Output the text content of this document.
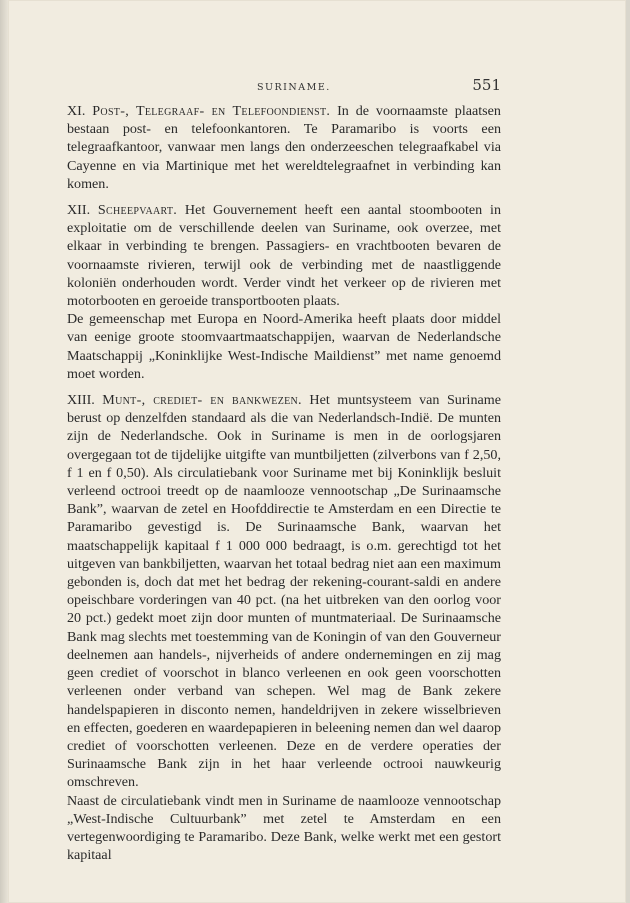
SURINAME.	551

XI. Post-, Telegraaf- en Telefoondienst. In de voornaamste plaatsen bestaan post- en telefoonkantoren. Te Paramaribo is voorts een telegraafkantoor, vanwaar men langs den onderzeeschen telegraafkabel via Cayenne en via Martinique met het wereldtelegraafnet in verbinding kan komen.

XII. Scheepvaart. Het Gouvernement heeft een aantal stoombooten in exploitatie om de verschillende deelen van Suriname, ook overzee, met elkaar in verbinding te brengen. Passagiers- en vrachtbooten bevaren de voornaamste rivieren, terwijl ook de verbinding met de naastliggende koloniën onderhouden wordt. Verder vindt het verkeer op de rivieren met motorbooten en geroeide transportbooten plaats.

De gemeenschap met Europa en Noord-Amerika heeft plaats door middel van eenige groote stoomvaartmaatschappijen, waarvan de Nederlandsche Maatschappij „Koninklijke West-Indische Maildienst” met name genoemd moet worden.

XIII. Munt-, crediet- en bankwezen. Het muntsysteem van Suriname berust op denzelfden standaard als die van Nederlandsch-Indië. De munten zijn de Nederlandsche. Ook in Suriname is men in de oorlogsjaren overgegaan tot de tijdelijke uitgifte van muntbiljetten (zilverbons van f 2,50, f 1 en f 0,50). Als circulatiebank voor Suriname met bij Koninklijk besluit verleend octrooi treedt op de naamlooze vennootschap „De Surinaamsche Bank”, waarvan de zetel en Hoofddirectie te Amsterdam en een Directie te Paramaribo gevestigd is. De Surinaamsche Bank, waarvan het maatschappelijk kapitaal f 1 000 000 bedraagt, is o.m. gerechtigd tot het uitgeven van bankbiljetten, waarvan het totaal bedrag niet aan een maximum gebonden is, doch dat met het bedrag der rekening-courant-saldi en andere opeischbare vorderingen van 40 pct. (na het uitbreken van den oorlog voor 20 pct.) gedekt moet zijn door munten of muntmateriaal. De Surinaamsche Bank mag slechts met toestemming van de Koningin of van den Gouverneur deelnemen aan handels-, nijverheids of andere ondernemingen en zij mag geen crediet of voorschot in blanco verleenen en ook geen voorschotten verleenen onder verband van schepen. Wel mag de Bank zekere handelspapieren in disconto nemen, handeldrijven in zekere wisselbrieven en effecten, goederen en waardepapieren in beleening nemen dan wel daarop crediet of voorschotten verleenen. Deze en de verdere operaties der Surinaamsche Bank zijn in het haar verleende octrooi nauwkeurig omschreven.

Naast de circulatiebank vindt men in Suriname de naamlooze vennootschap „West-Indische Cultuurbank” met zetel te Amsterdam en een vertegenwoordiging te Paramaribo. Deze Bank, welke werkt met een gestort kapitaal
